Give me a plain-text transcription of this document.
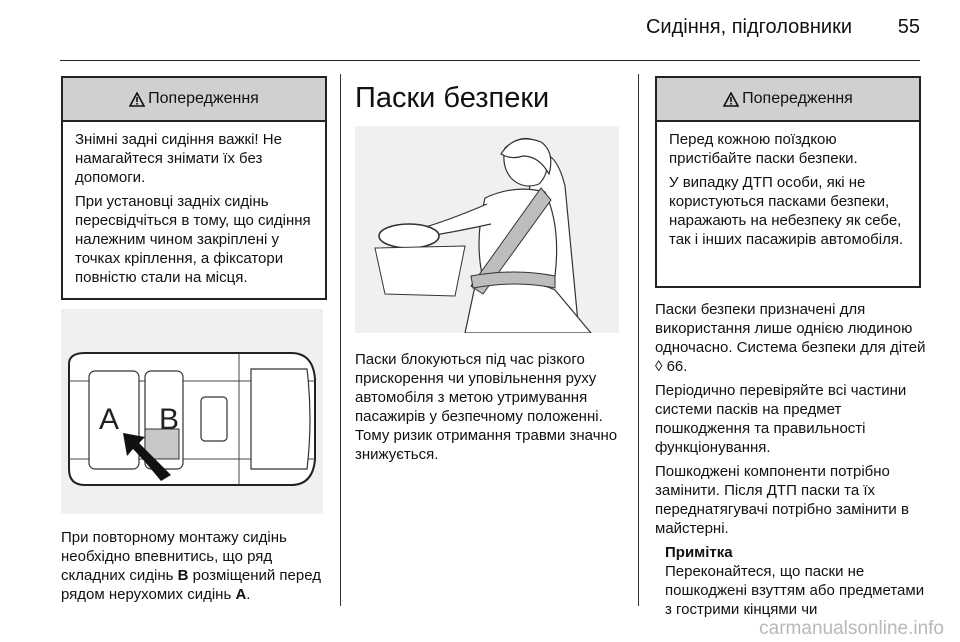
Сидіння, підголовники 55
Попередження

Знімні задні сидіння важкі! Не намагайтеся знімати їх без допомоги.

При установці задніх сидінь пересвідчіться в тому, що сидіння належним чином закріплені у точках кріплення, а фіксатори повністю стали на місця.

A B

При повторному монтажу сидінь необхідно впевнитись, що ряд складних сидінь B розміщений перед рядом нерухомих сидінь A.

Паски безпеки

Паски блокуються під час різкого прискорення чи уповільнення руху автомобіля з метою утримування пасажирів у безпечному положенні. Тому ризик отримання травми значно знижується.

Попередження

Перед кожною поїздкою пристібайте паски безпеки.

У випадку ДТП особи, які не користуються пасками безпеки, наражають на небезпеку як себе, так і інших пасажирів автомобіля.

Паски безпеки призначені для використання лише однією людиною одночасно. Система безпеки для дітей ◊ 66.

Періодично перевіряйте всі частини системи пасків на предмет пошкодження та правильності функціонування.

Пошкоджені компоненти потрібно замінити. Після ДТП паски та їх переднатягувачі потрібно замінити в майстерні.

Примітка
Переконайтеся, що паски не пошкоджені взуттям або предметами з гострими кінцями чи
carmanualsonline.info
